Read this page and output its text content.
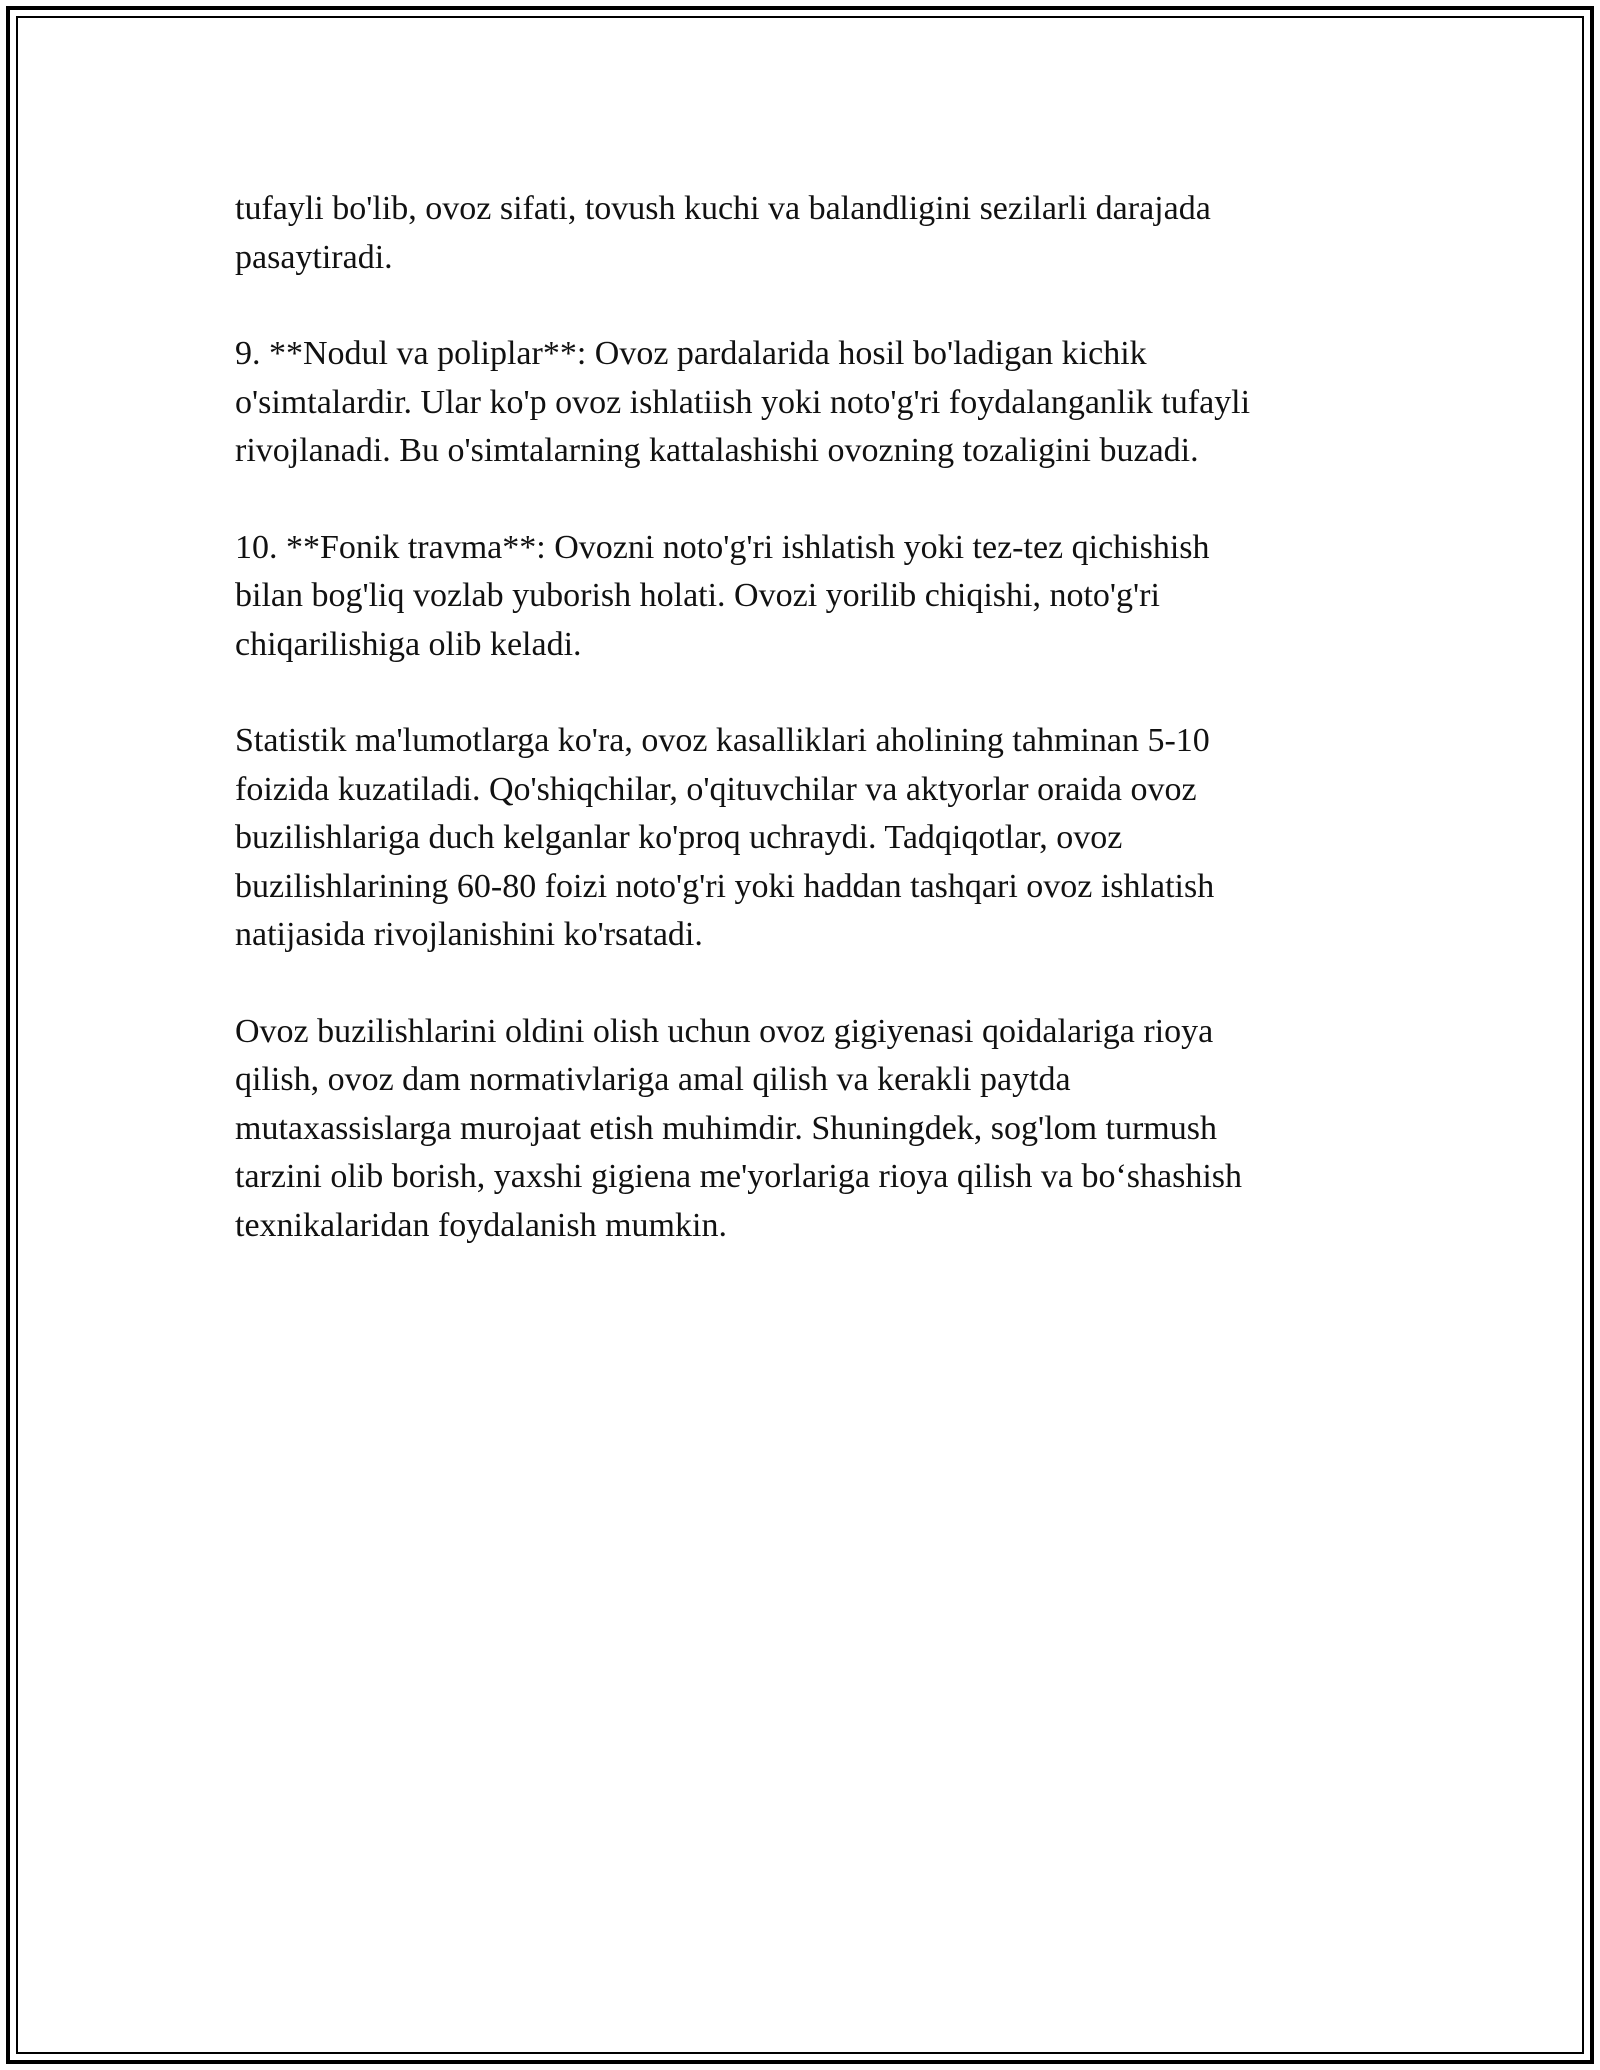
tufayli bo'lib, ovoz sifati, tovush kuchi va balandligini sezilarli darajada
pasaytiradi.

9. **Nodul va poliplar**: Ovoz pardalarida hosil bo'ladigan kichik
o'simtalardir. Ular ko'p ovoz ishlatiish yoki noto'g'ri foydalanganlik tufayli
rivojlanadi. Bu o'simtalarning kattalashishi ovozning tozaligini buzadi.

10. **Fonik travma**: Ovozni noto'g'ri ishlatish yoki tez-tez qichishish
bilan bog'liq vozlab yuborish holati. Ovozi yorilib chiqishi, noto'g'ri
chiqarilishiga olib keladi.

Statistik ma'lumotlarga ko'ra, ovoz kasalliklari aholining tahminan 5-10
foizida kuzatiladi. Qo'shiqchilar, o'qituvchilar va aktyorlar oraida ovoz
buzilishlariga duch kelganlar ko'proq uchraydi. Tadqiqotlar, ovoz
buzilishlarining 60-80 foizi noto'g'ri yoki haddan tashqari ovoz ishlatish
natijasida rivojlanishini ko'rsatadi.

Ovoz buzilishlarini oldini olish uchun ovoz gigiyenasi qoidalariga rioya
qilish, ovoz dam normativlariga amal qilish va kerakli paytda
mutaxassislarga murojaat etish muhimdir. Shuningdek, sog'lom turmush
tarzini olib borish, yaxshi gigiena me'yorlariga rioya qilish va bo‘shashish
texnikalaridan foydalanish mumkin.
